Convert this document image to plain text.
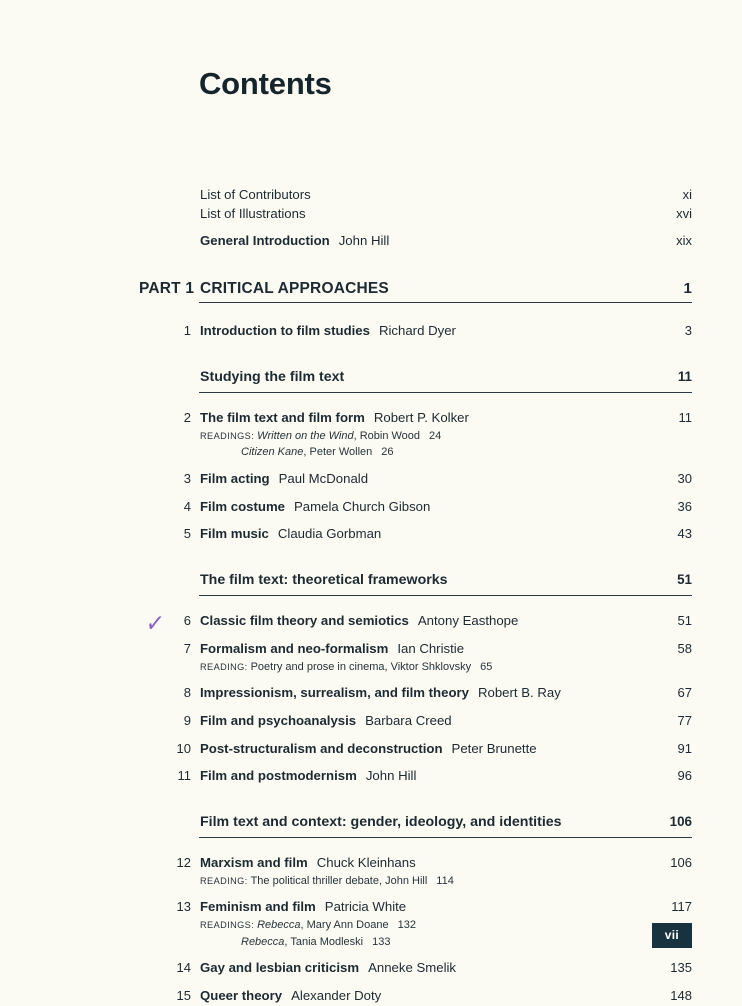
Contents
List of Contributors	xi
List of Illustrations	xvi
General Introduction John Hill	xix
PART 1 CRITICAL APPROACHES	1
1 Introduction to film studies Richard Dyer	3
Studying the film text	11
2 The film text and film form Robert P. Kolker	11
READINGS: Written on the Wind, Robin Wood 24
Citizen Kane, Peter Wollen 26
3 Film acting Paul McDonald	30
4 Film costume Pamela Church Gibson	36
5 Film music Claudia Gorbman	43
The film text: theoretical frameworks	51
✓	6 Classic film theory and semiotics Antony Easthope	51
7 Formalism and neo-formalism Ian Christie	58
READING: Poetry and prose in cinema, Viktor Shklovsky 65
8 Impressionism, surrealism, and film theory Robert B. Ray	67
9 Film and psychoanalysis Barbara Creed	77
10 Post-structuralism and deconstruction Peter Brunette	91
11 Film and postmodernism John Hill	96
Film text and context: gender, ideology, and identities	106
12 Marxism and film Chuck Kleinhans	106
READING: The political thriller debate, John Hill 114
13 Feminism and film Patricia White	117
READINGS: Rebecca, Mary Ann Doane 132
Rebecca, Tania Modleski 133
14 Gay and lesbian criticism Anneke Smelik	135
15 Queer theory Alexander Doty	148
vii
